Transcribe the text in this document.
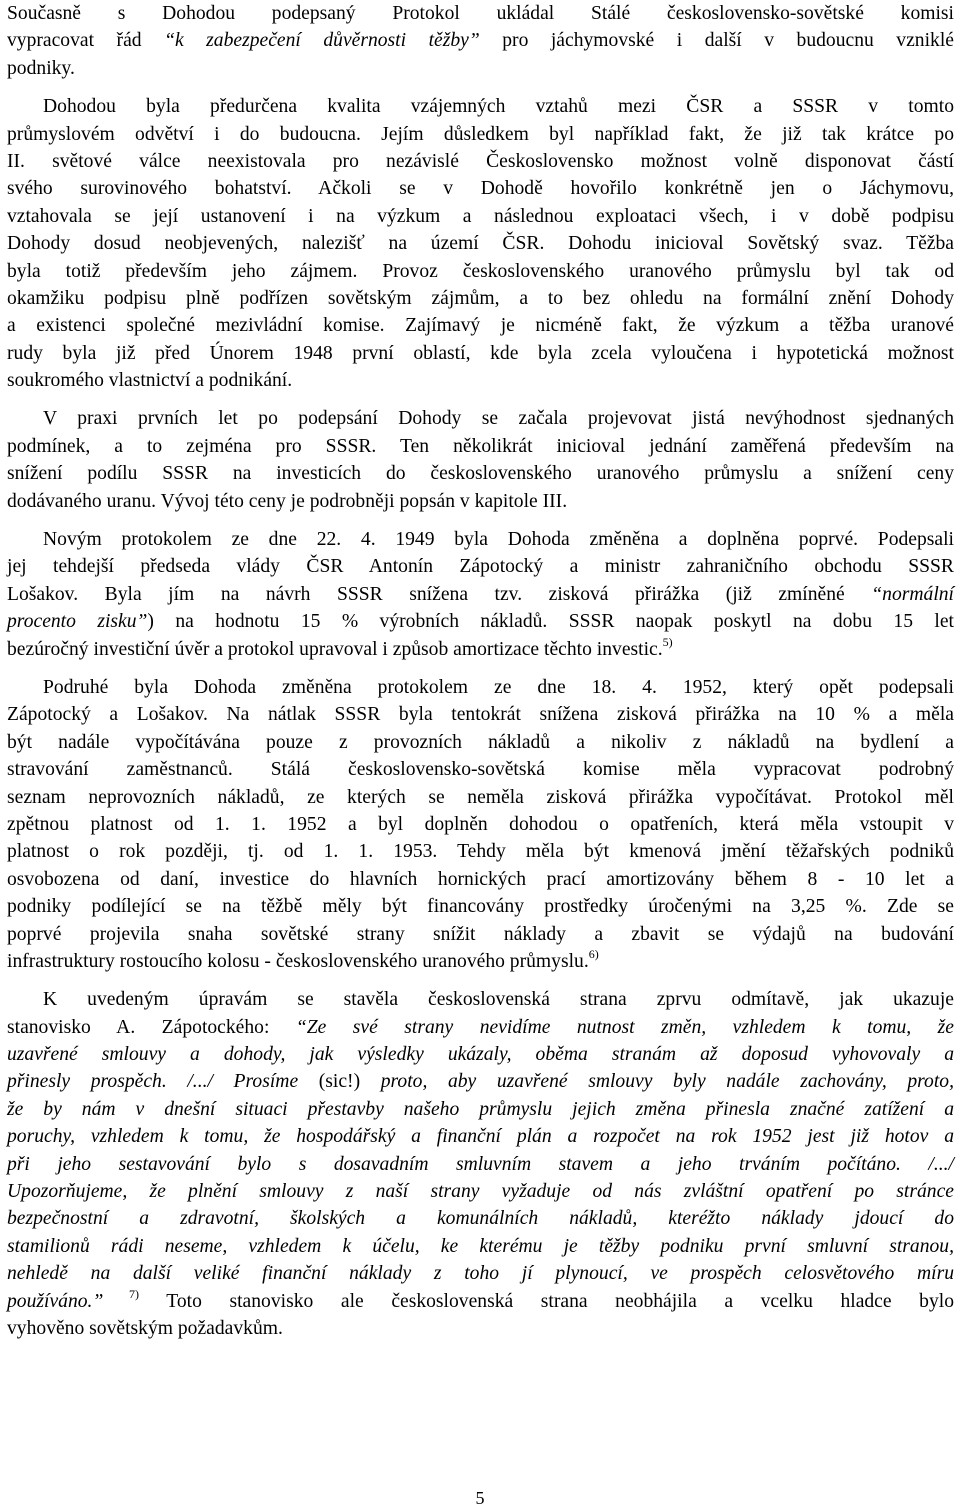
Současně s Dohodou podepsaný Protokol ukládal Stálé československo-sovětské komisi
vypracovat řád “k zabezpečení důvěrnosti těžby” pro jáchymovské i další v budoucnu vzniklé
podniky.
Dohodou byla předurčena kvalita vzájemných vztahů mezi ČSR a SSSR v tomto
průmyslovém odvětví i do budoucna. Jejím důsledkem byl například fakt, že již tak krátce po
II. světové válce neexistovala pro nezávislé Československo možnost volně disponovat částí
svého surovinového bohatství. Ačkoli se v Dohodě hovořilo konkrétně jen o Jáchymovu,
vztahovala se její ustanovení i na výzkum a následnou exploataci všech, i v době podpisu
Dohody dosud neobjevených, nalezišť na území ČSR. Dohodu inicioval Sovětský svaz. Těžba
byla totiž především jeho zájmem. Provoz československého uranového průmyslu byl tak od
okamžiku podpisu plně podřízen sovětským zájmům, a to bez ohledu na formální znění Dohody
a existenci společné mezivládní komise. Zajímavý je nicméně fakt, že výzkum a těžba uranové
rudy byla již před Únorem 1948 první oblastí, kde byla zcela vyloučena i hypotetická možnost
soukromého vlastnictví a podnikání.
V praxi prvních let po podepsání Dohody se začala projevovat jistá nevýhodnost sjednaných
podmínek, a to zejména pro SSSR. Ten několikrát inicioval jednání zaměřená především na
snížení podílu SSSR na investicích do československého uranového průmyslu a snížení ceny
dodávaného uranu. Vývoj této ceny je podrobněji popsán v kapitole III.
Novým protokolem ze dne 22. 4. 1949 byla Dohoda změněna a doplněna poprvé. Podepsali
jej tehdejší předseda vlády ČSR Antonín Zápotocký a ministr zahraničního obchodu SSSR
Lošakov. Byla jím na návrh SSSR snížena tzv. zisková přirážka (již zmíněné “normální
procento zisku”) na hodnotu 15 % výrobních nákladů. SSSR naopak poskytl na dobu 15 let
bezúročný investiční úvěr a protokol upravoval i způsob amortizace těchto investic.$^{5)}$
Podruhé byla Dohoda změněna protokolem ze dne 18. 4. 1952, který opět podepsali
Zápotocký a Lošakov. Na nátlak SSSR byla tentokrát snížena zisková přirážka na 10 % a měla
být nadále vypočítávána pouze z provozních nákladů a nikoliv z nákladů na bydlení a
stravování zaměstnanců. Stálá československo-sovětská komise měla vypracovat podrobný
seznam neprovozních nákladů, ze kterých se neměla zisková přirážka vypočítávat. Protokol měl
zpětnou platnost od 1. 1. 1952 a byl doplněn dohodou o opatřeních, která měla vstoupit v
platnost o rok později, tj. od 1. 1. 1953. Tehdy měla být kmenová jmění těžařských podniků
osvobozena od daní, investice do hlavních hornických prací amortizovány během 8 - 10 let a
podniky podílející se na těžbě měly být financovány prostředky úročenými na 3,25 %. Zde se
poprvé projevila snaha sovětské strany snížit náklady a zbavit se výdajů na budování
infrastruktury rostoucího kolosu - československého uranového průmyslu.$^{6)}$
K uvedeným úpravám se stavěla československá strana zprvu odmítavě, jak ukazuje
stanovisko A. Zápotockého: “Ze své strany nevidíme nutnost změn, vzhledem k tomu, že
uzavřené smlouvy a dohody, jak výsledky ukázaly, oběma stranám až doposud vyhovovaly a
přinesly prospěch. /.../ Prosíme (sic!) proto, aby uzavřené smlouvy byly nadále zachovány, proto,
že by nám v dnešní situaci přestavby našeho průmyslu jejich změna přinesla značné zatížení a
poruchy, vzhledem k tomu, že hospodářský a finanční plán a rozpočet na rok 1952 jest již hotov a
při jeho sestavování bylo s dosavadním smluvním stavem a jeho trváním počítáno. /.../
Upozorňujeme, že plnění smlouvy z naší strany vyžaduje od nás zvláštní opatření po stránce
bezpečnostní a zdravotní, školských a komunálních nákladů, kteréžto náklady jdoucí do
stamilionů rádi neseme, vzhledem k účelu, ke kterému je těžby podniku první smluvní stranou,
nehledě na další veliké finanční náklady z toho jí plynoucí, ve prospěch celosvětového míru
používáno.” $^{7)}$ Toto stanovisko ale československá strana neobhájila a vcelku hladce bylo
vyhověno sovětským požadavkům.
5
